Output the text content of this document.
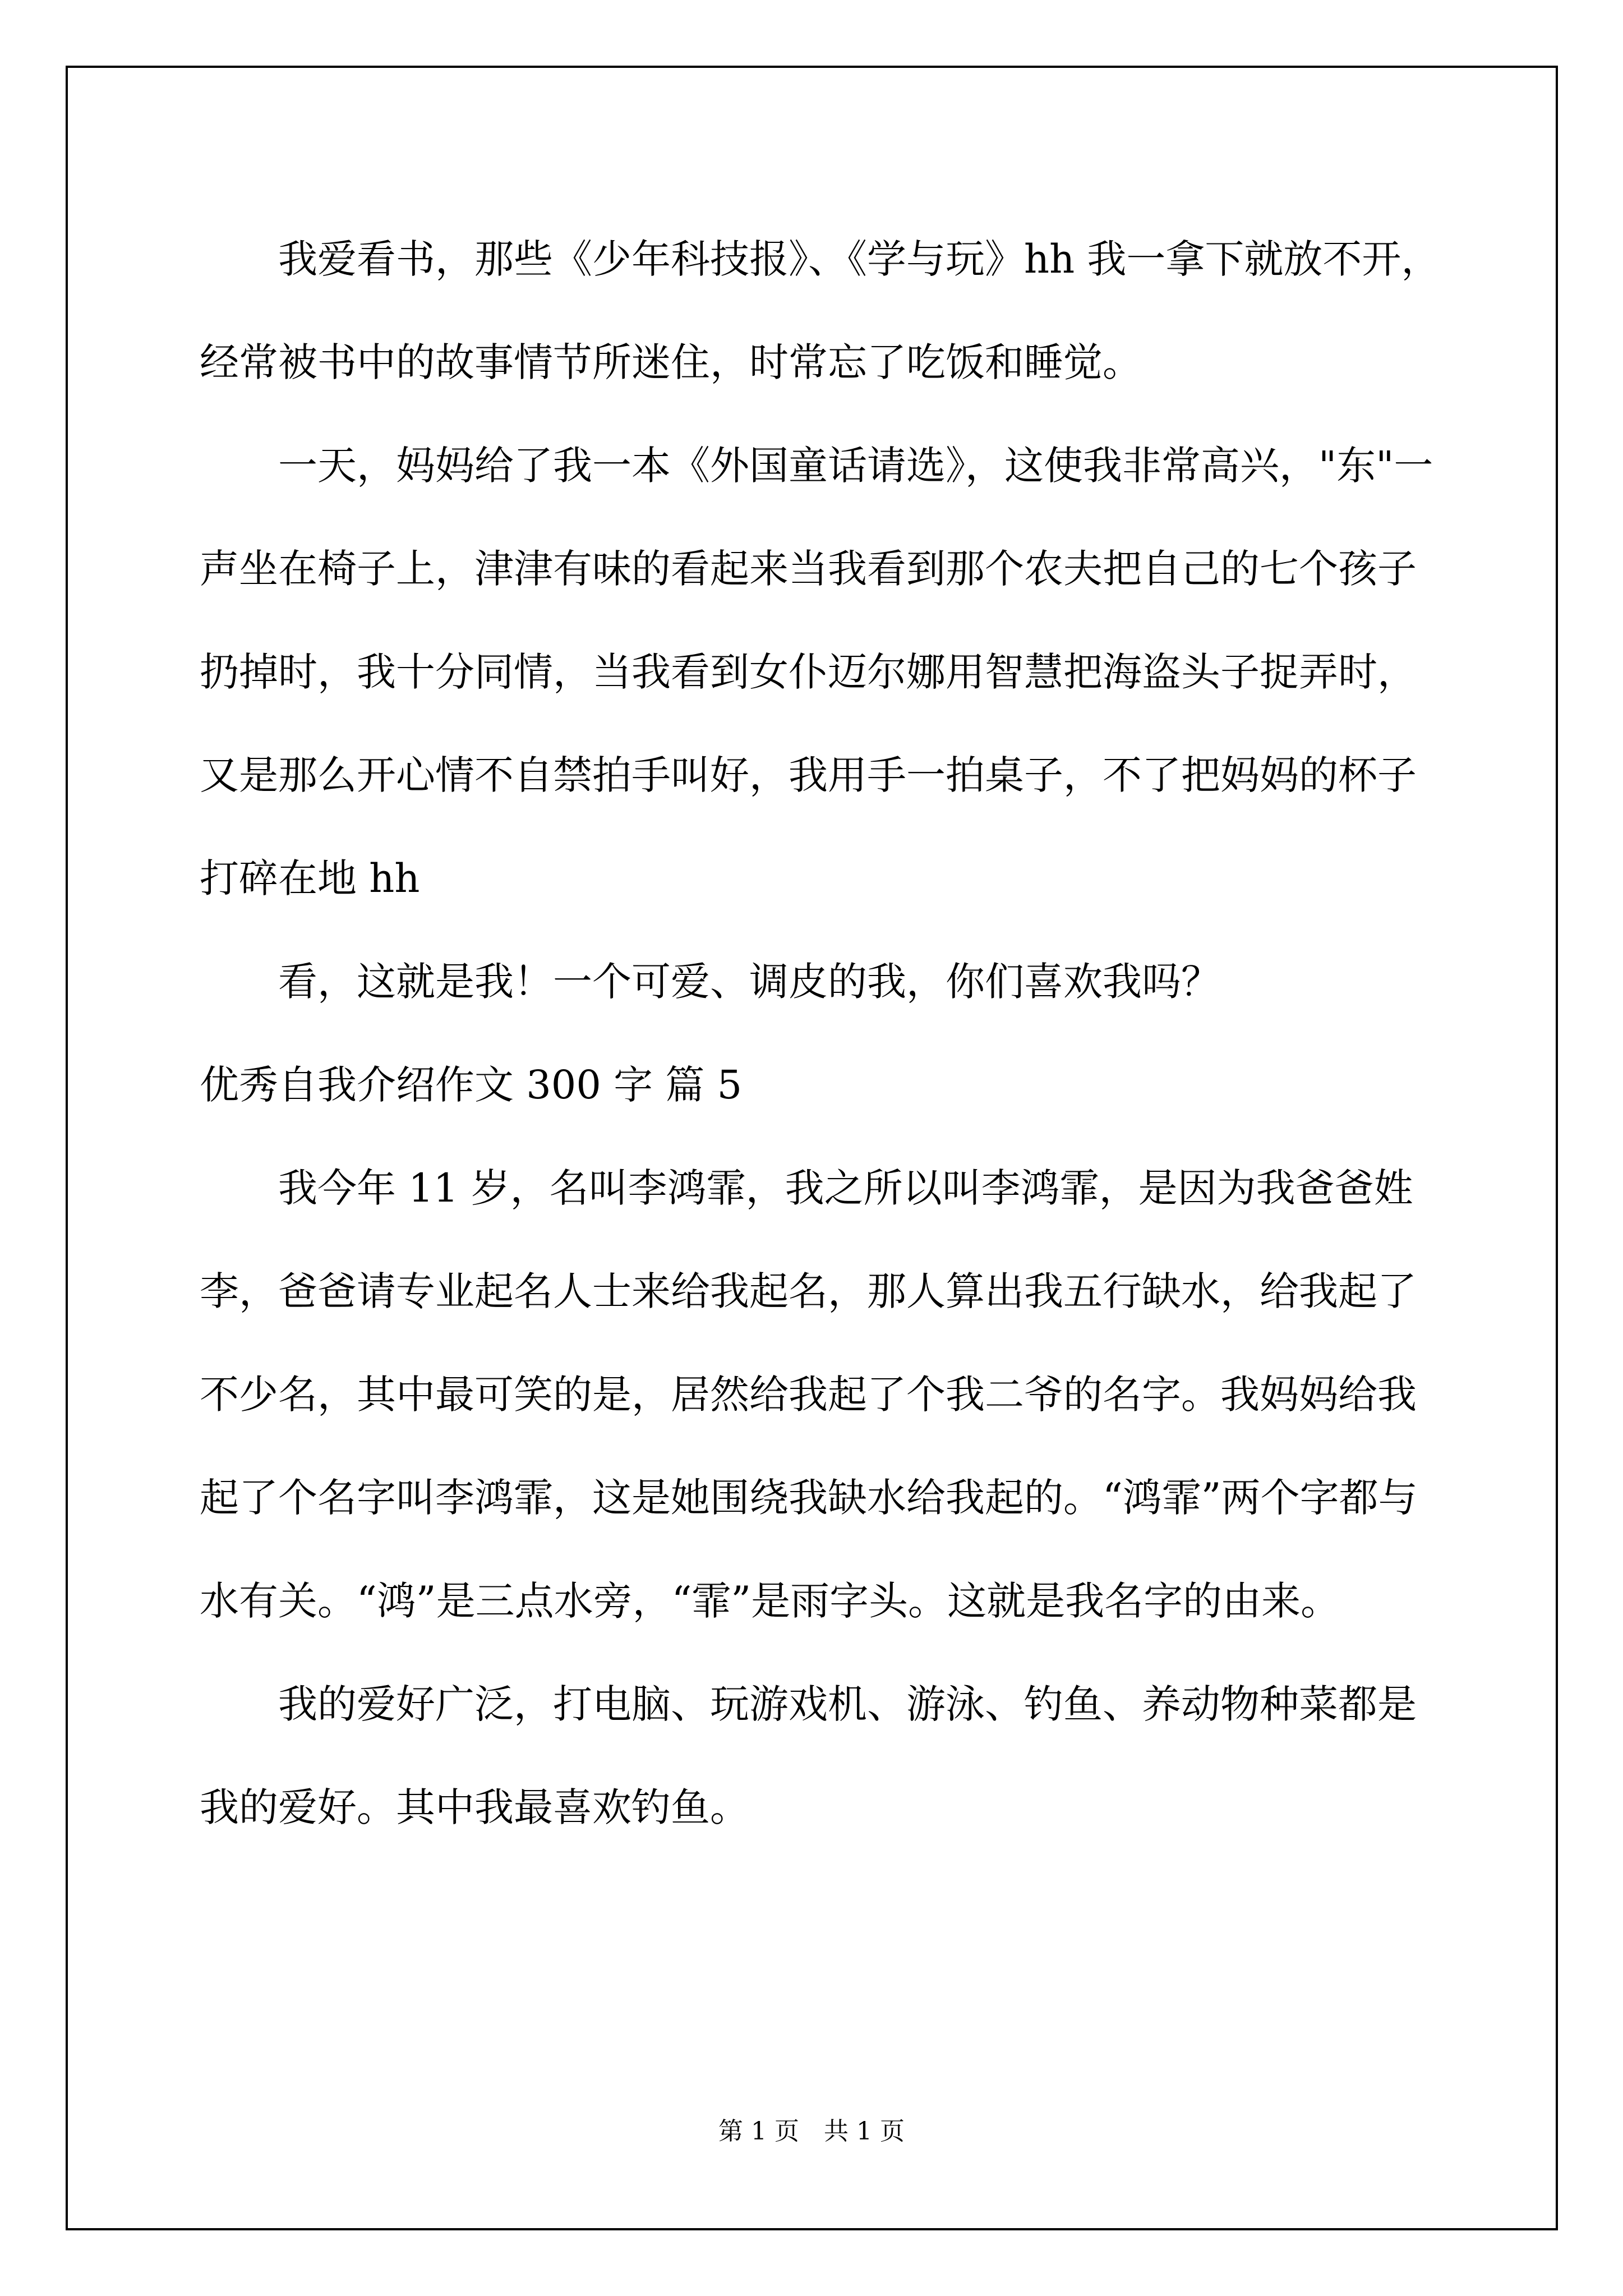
我爱看书，那些《少年科技报》、《学与玩》hh 我一拿下就放不开，经常被书中的故事情节所迷住，时常忘了吃饭和睡觉。

一天，妈妈给了我一本《外国童话请选》，这使我非常高兴，"东"一声坐在椅子上，津津有味的看起来当我看到那个农夫把自己的七个孩子扔掉时，我十分同情，当我看到女仆迈尔娜用智慧把海盗头子捉弄时，又是那么开心情不自禁拍手叫好，我用手一拍桌子，不了把妈妈的杯子打碎在地 hh

看，这就是我！一个可爱、调皮的我，你们喜欢我吗？

优秀自我介绍作文 300 字 篇 5

我今年 11 岁，名叫李鸿霏，我之所以叫李鸿霏，是因为我爸爸姓李，爸爸请专业起名人士来给我起名，那人算出我五行缺水，给我起了不少名，其中最可笑的是，居然给我起了个我二爷的名字。我妈妈给我起了个名字叫李鸿霏，这是她围绕我缺水给我起的。“鸿霏”两个字都与水有关。“鸿”是三点水旁，“霏”是雨字头。这就是我名字的由来。

我的爱好广泛，打电脑、玩游戏机、游泳、钓鱼、养动物种菜都是我的爱好。其中我最喜欢钓鱼。

第 1 页　共 1 页
